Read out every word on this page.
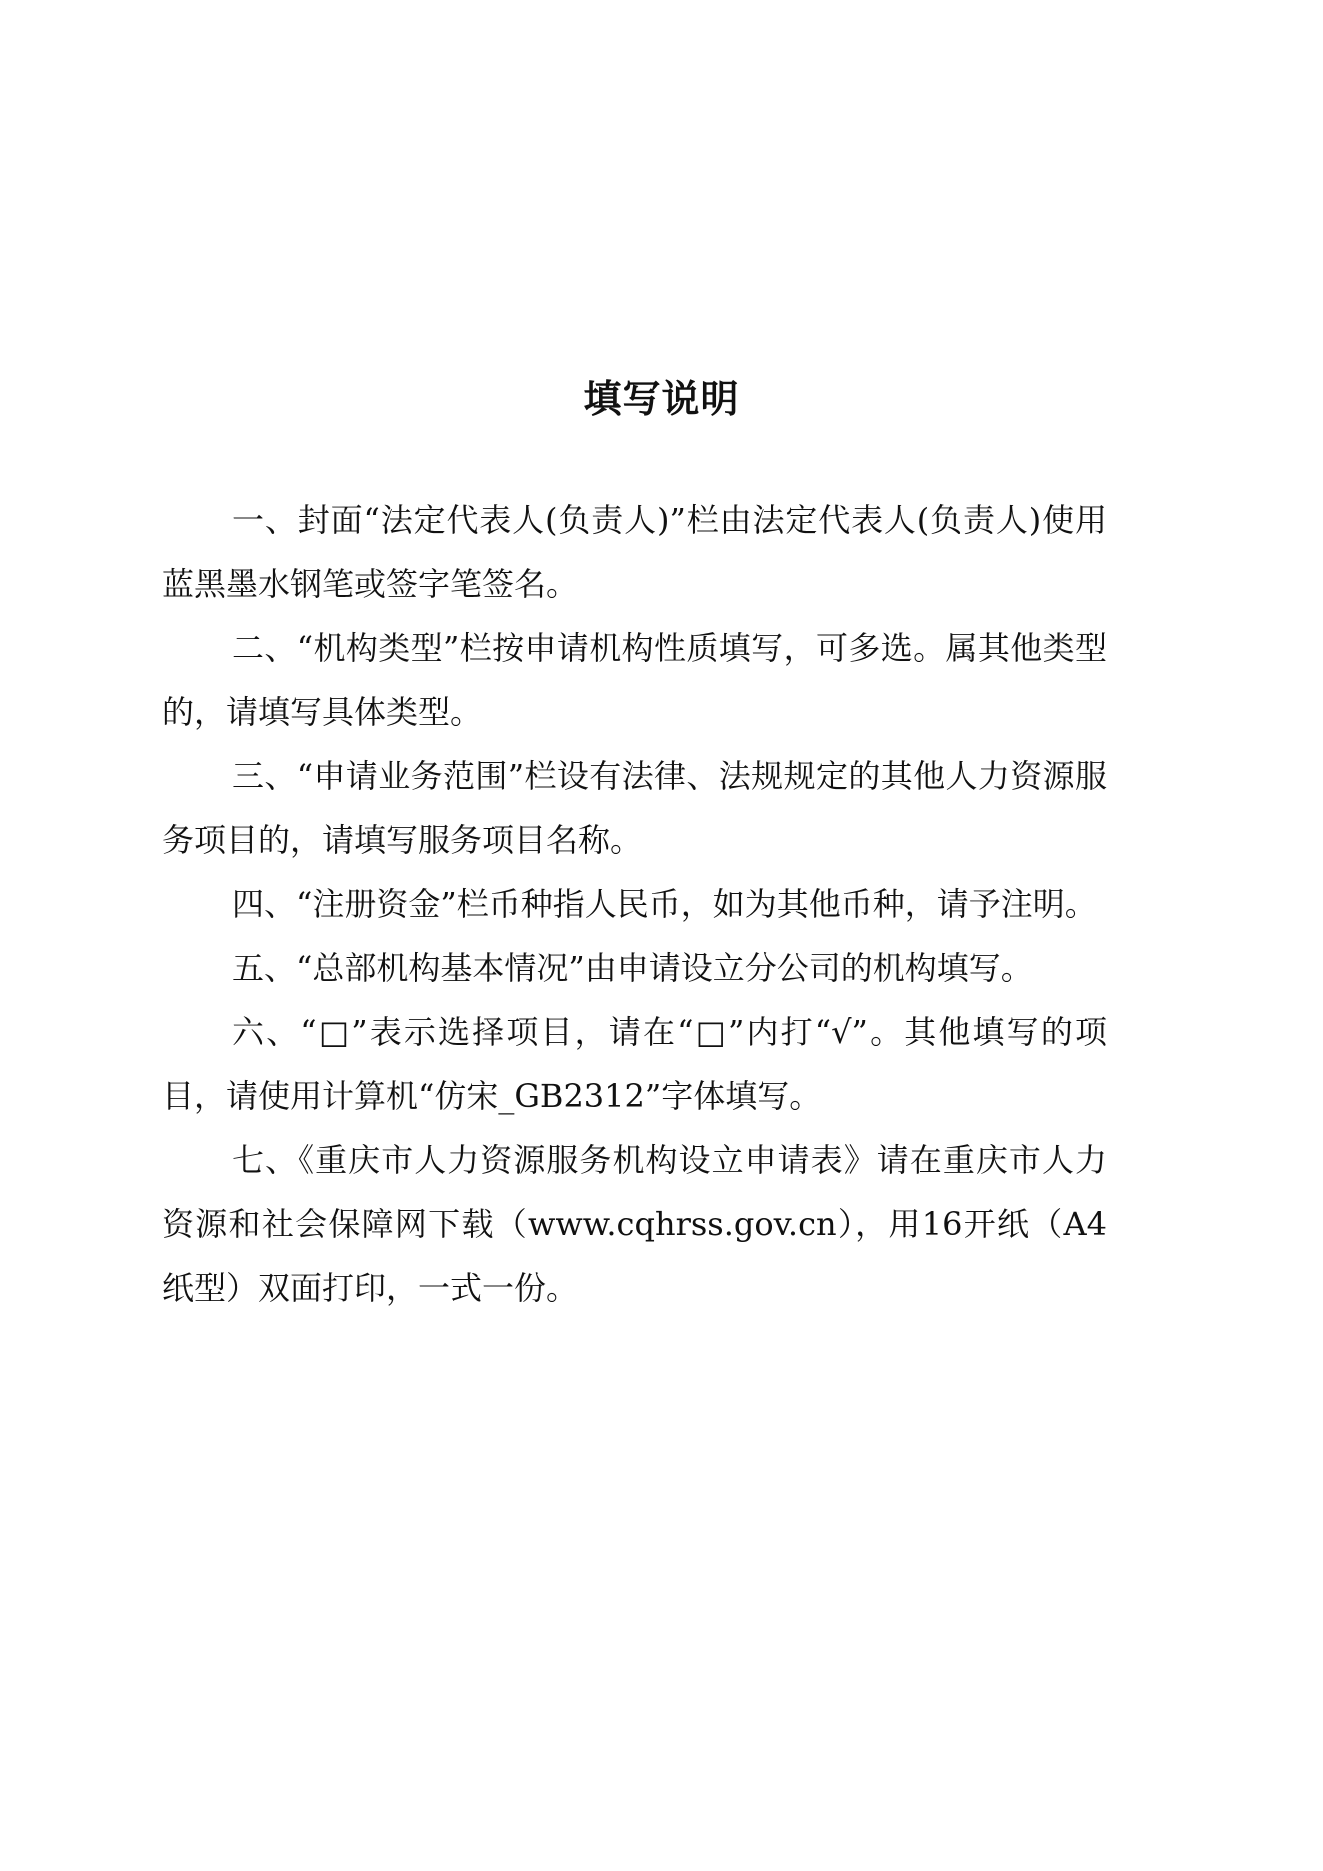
填写说明

一、封面“法定代表人(负责人)”栏由法定代表人(负责人)使用蓝黑墨水钢笔或签字笔签名。

二、“机构类型”栏按申请机构性质填写，可多选。属其他类型的，请填写具体类型。

三、“申请业务范围”栏设有法律、法规规定的其他人力资源服务项目的，请填写服务项目名称。

四、“注册资金”栏币种指人民币，如为其他币种，请予注明。

五、“总部机构基本情况”由申请设立分公司的机构填写。

六、“□”表示选择项目，请在“□”内打“√”。其他填写的项目，请使用计算机“仿宋_GB2312”字体填写。

七、《重庆市人力资源服务机构设立申请表》请在重庆市人力资源和社会保障网下载（www.cqhrss.gov.cn），用16开纸（A4纸型）双面打印，一式一份。
